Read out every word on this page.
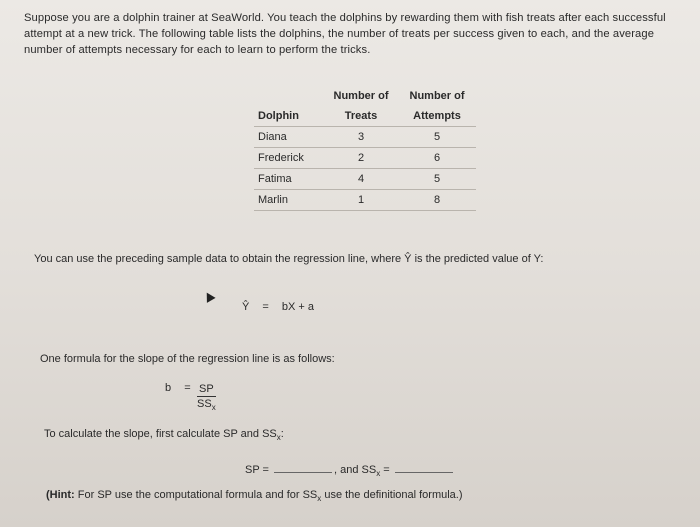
Suppose you are a dolphin trainer at SeaWorld. You teach the dolphins by rewarding them with fish treats after each successful attempt at a new trick. The following table lists the dolphins, the number of treats per success given to each, and the average number of attempts necessary for each to learn to perform the tricks.
	Number of	Number of
Dolphin	Treats	Attempts
Diana	3	5
Frederick	2	6
Fatima	4	5
Marlin	1	8
You can use the preceding sample data to obtain the regression line, where Ŷ is the predicted value of Y:
Ŷ = bX + a
One formula for the slope of the regression line is as follows:
b = SP
$SS_x$
To calculate the slope, first calculate SP and $SS_x$:
SP =	, and $SS_x$ =
(Hint: For SP use the computational formula and for $SS_x$ use the definitional formula.)
